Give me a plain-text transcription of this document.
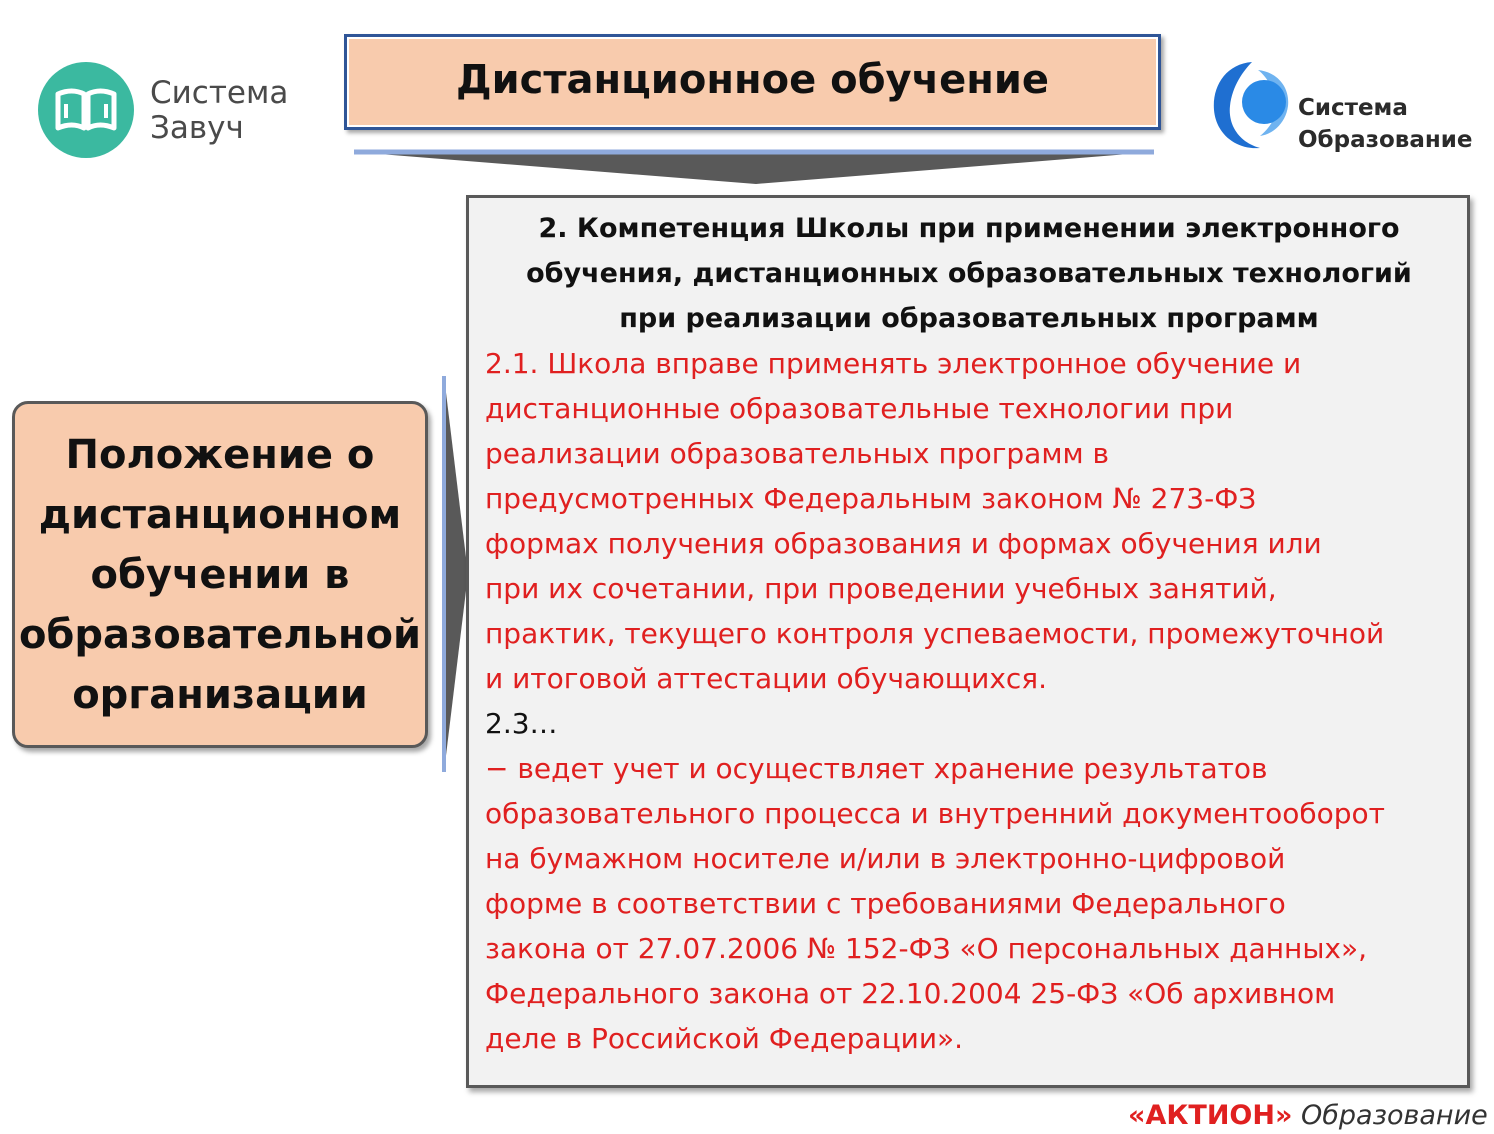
Система
Завуч
Дистанционное обучение
Система
Образование
Положение о
дистанционном
обучении в
образовательной
организации
2. Компетенция Школы при применении электронного
обучения, дистанционных образовательных технологий
при реализации образовательных программ
2.1. Школа вправе применять электронное обучение и
дистанционные образовательные технологии при
реализации образовательных программ в
предусмотренных Федеральным законом № 273-ФЗ
формах получения образования и формах обучения или
при их сочетании, при проведении учебных занятий,
практик, текущего контроля успеваемости, промежуточной
и итоговой аттестации обучающихся.
2.3…
− ведет учет и осуществляет хранение результатов
образовательного процесса и внутренний документооборот
на бумажном носителе и/или в электронно-цифровой
форме в соответствии с требованиями Федерального
закона от 27.07.2006 № 152-ФЗ «О персональных данных»,
Федерального закона от 22.10.2004 25-ФЗ «Об архивном
деле в Российской Федерации».
«АКТИОН» Образование
